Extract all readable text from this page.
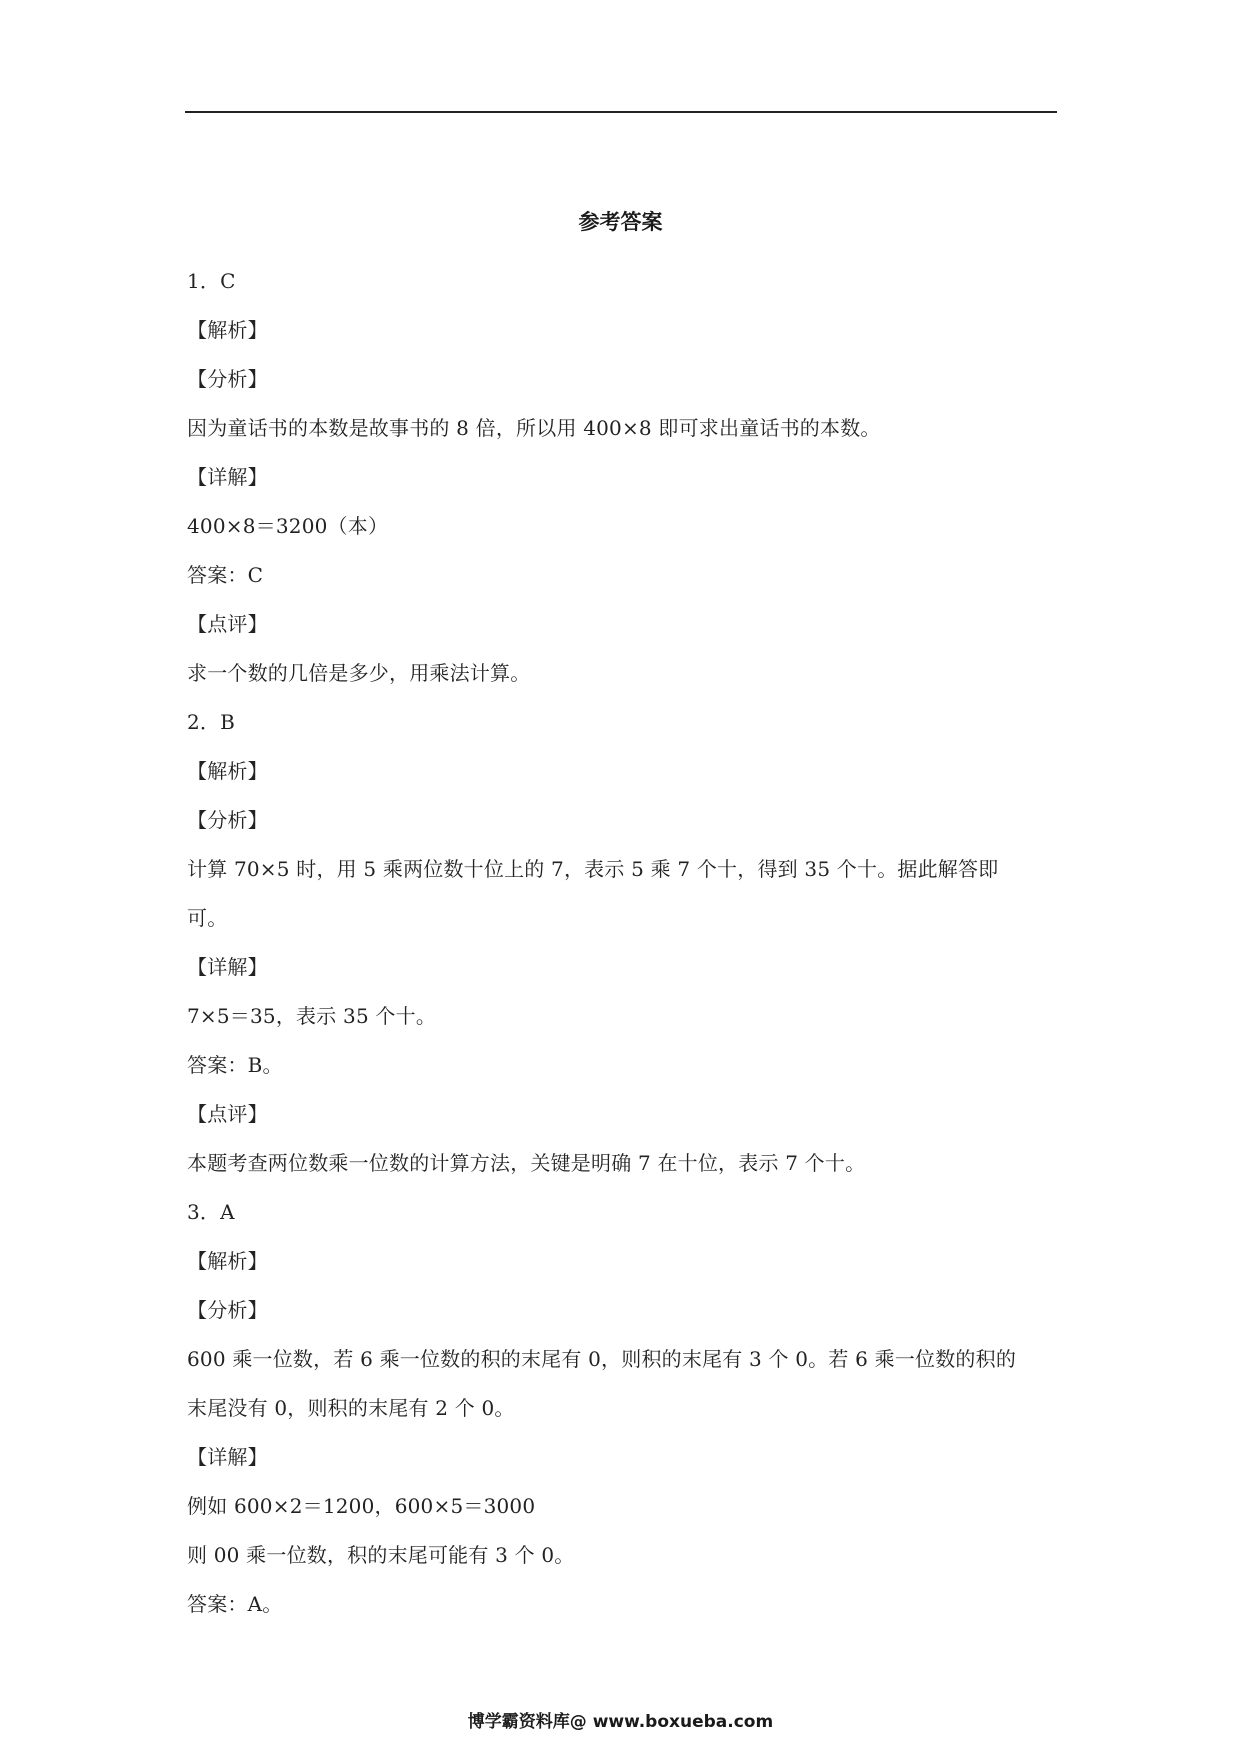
参考答案
1．C
【解析】
【分析】
因为童话书的本数是故事书的 8 倍，所以用 400×8 即可求出童话书的本数。
【详解】
400×8＝3200（本）
答案：C
【点评】
求一个数的几倍是多少，用乘法计算。
2．B
【解析】
【分析】
计算 70×5 时，用 5 乘两位数十位上的 7，表示 5 乘 7 个十，得到 35 个十。据此解答即
可。
【详解】
7×5＝35，表示 35 个十。
答案：B。
【点评】
本题考查两位数乘一位数的计算方法，关键是明确 7 在十位，表示 7 个十。
3．A
【解析】
【分析】
600 乘一位数，若 6 乘一位数的积的末尾有 0，则积的末尾有 3 个 0。若 6 乘一位数的积的
末尾没有 0，则积的末尾有 2 个 0。
【详解】
例如 600×2＝1200，600×5＝3000
则 00 乘一位数，积的末尾可能有 3 个 0。
答案：A。
博学霸资料库@ www.boxueba.com
